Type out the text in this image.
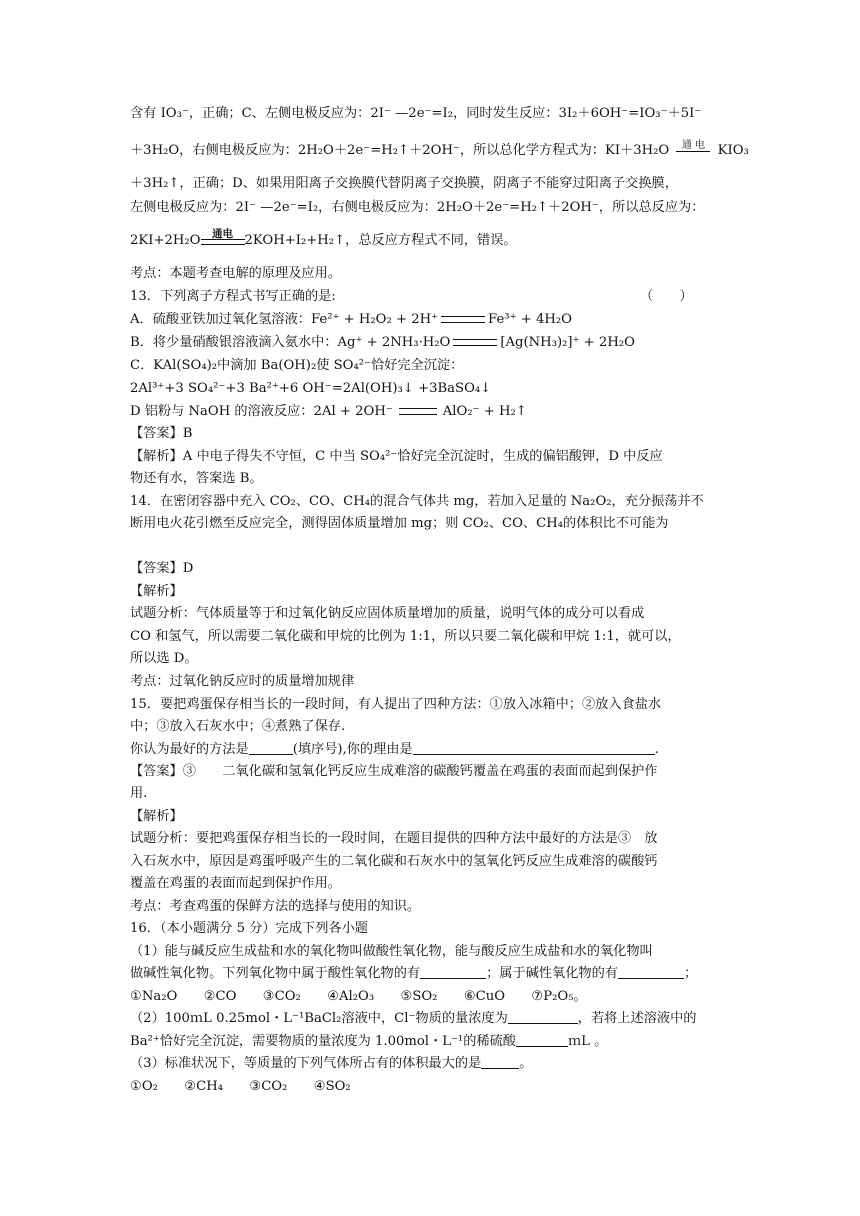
含有 IO₃⁻，正确；C、左侧电极反应为：2I⁻ —2e⁻=I₂，同时发生反应：3I₂＋6OH⁻=IO₃⁻＋5I⁻
＋3H₂O，右侧电极反应为：2H₂O＋2e⁻=H₂↑＋2OH⁻，所以总化学方程式为：KI＋3H₂O	通 电 KIO₃
＋3H₂↑，正确；D、如果用阳离子交换膜代替阴离子交换膜，阴离子不能穿过阳离子交换膜，
左侧电极反应为：2I⁻ —2e⁻=I₂，右侧电极反应为：2H₂O＋2e⁻=H₂↑＋2OH⁻，所以总反应为：
2KI+2H₂O	通电 2KOH+I₂+H₂↑，总反应方程式不同，错误。
考点：本题考查电解的原理及应用。
13．下列离子方程式书写正确的是:	（　　）
A．硫酸亚铁加过氧化氢溶液：Fe²⁺ + H₂O₂ + 2H⁺	Fe³⁺ + 4H₂O
B．将少量硝酸银溶液滴入氨水中：Ag⁺ + 2NH₃·H₂O	[Ag(NH₃)₂]⁺ + 2H₂O
C．KAl(SO₄)₂中滴加 Ba(OH)₂使 SO₄²⁻恰好完全沉淀：
2Al³⁺+3 SO₄²⁻+3 Ba²⁺+6 OH⁻=2Al(OH)₃↓ +3BaSO₄↓
D 铝粉与 NaOH 的溶液反应：2Al + 2OH⁻	AlO₂⁻ + H₂↑
【答案】B
【解析】A 中电子得失不守恒，C 中当 SO₄²⁻恰好完全沉淀时，生成的偏铝酸钾，D 中反应
物还有水，答案选 B。
14．在密闭容器中充入 CO₂、CO、CH₄的混合气体共 mg，若加入足量的 Na₂O₂，充分振荡并不
断用电火花引燃至反应完全，测得固体质量增加 mg；则 CO₂、CO、CH₄的体积比不可能为
【答案】D
【解析】
试题分析：气体质量等于和过氧化钠反应固体质量增加的质量，说明气体的成分可以看成
CO 和氢气，所以需要二氧化碳和甲烷的比例为 1:1，所以只要二氧化碳和甲烷 1:1，就可以，
所以选 D。
考点：过氧化钠反应时的质量增加规律
15．要把鸡蛋保存相当长的一段时间，有人提出了四种方法：①放入冰箱中；②放入食盐水
中；③放入石灰水中；④煮熟了保存.
你认为最好的方法是	(填序号),你的理由是	.
【答案】③　　二氧化碳和氢氧化钙反应生成难溶的碳酸钙覆盖在鸡蛋的表面而起到保护作
用.
【解析】
试题分析：要把鸡蛋保存相当长的一段时间，在题目提供的四种方法中最好的方法是③　放
入石灰水中，原因是鸡蛋呼吸产生的二氧化碳和石灰水中的氢氧化钙反应生成难溶的碳酸钙
覆盖在鸡蛋的表面而起到保护作用。
考点：考查鸡蛋的保鲜方法的选择与使用的知识。
16．（本小题满分 5 分）完成下列各小题
（1）能与碱反应生成盐和水的氧化物叫做酸性氧化物，能与酸反应生成盐和水的氧化物叫
做碱性氧化物。下列氧化物中属于酸性氧化物的有	；属于碱性氧化物的有	；
①Na₂O　　②CO　　③CO₂　　④Al₂O₃　　⑤SO₂　　⑥CuO　　⑦P₂O₅。
（2）100ｍL 0.25mol・L⁻¹BaCl₂溶液中，Cl⁻物质的量浓度为	，若将上述溶液中的
Ba²⁺恰好完全沉淀，需要物质的量浓度为 1.00mol・L⁻¹的稀硫酸	ｍL 。
（3）标准状况下，等质量的下列气体所占有的体积最大的是	。
①O₂　　②CH₄　　③CO₂　　④SO₂
